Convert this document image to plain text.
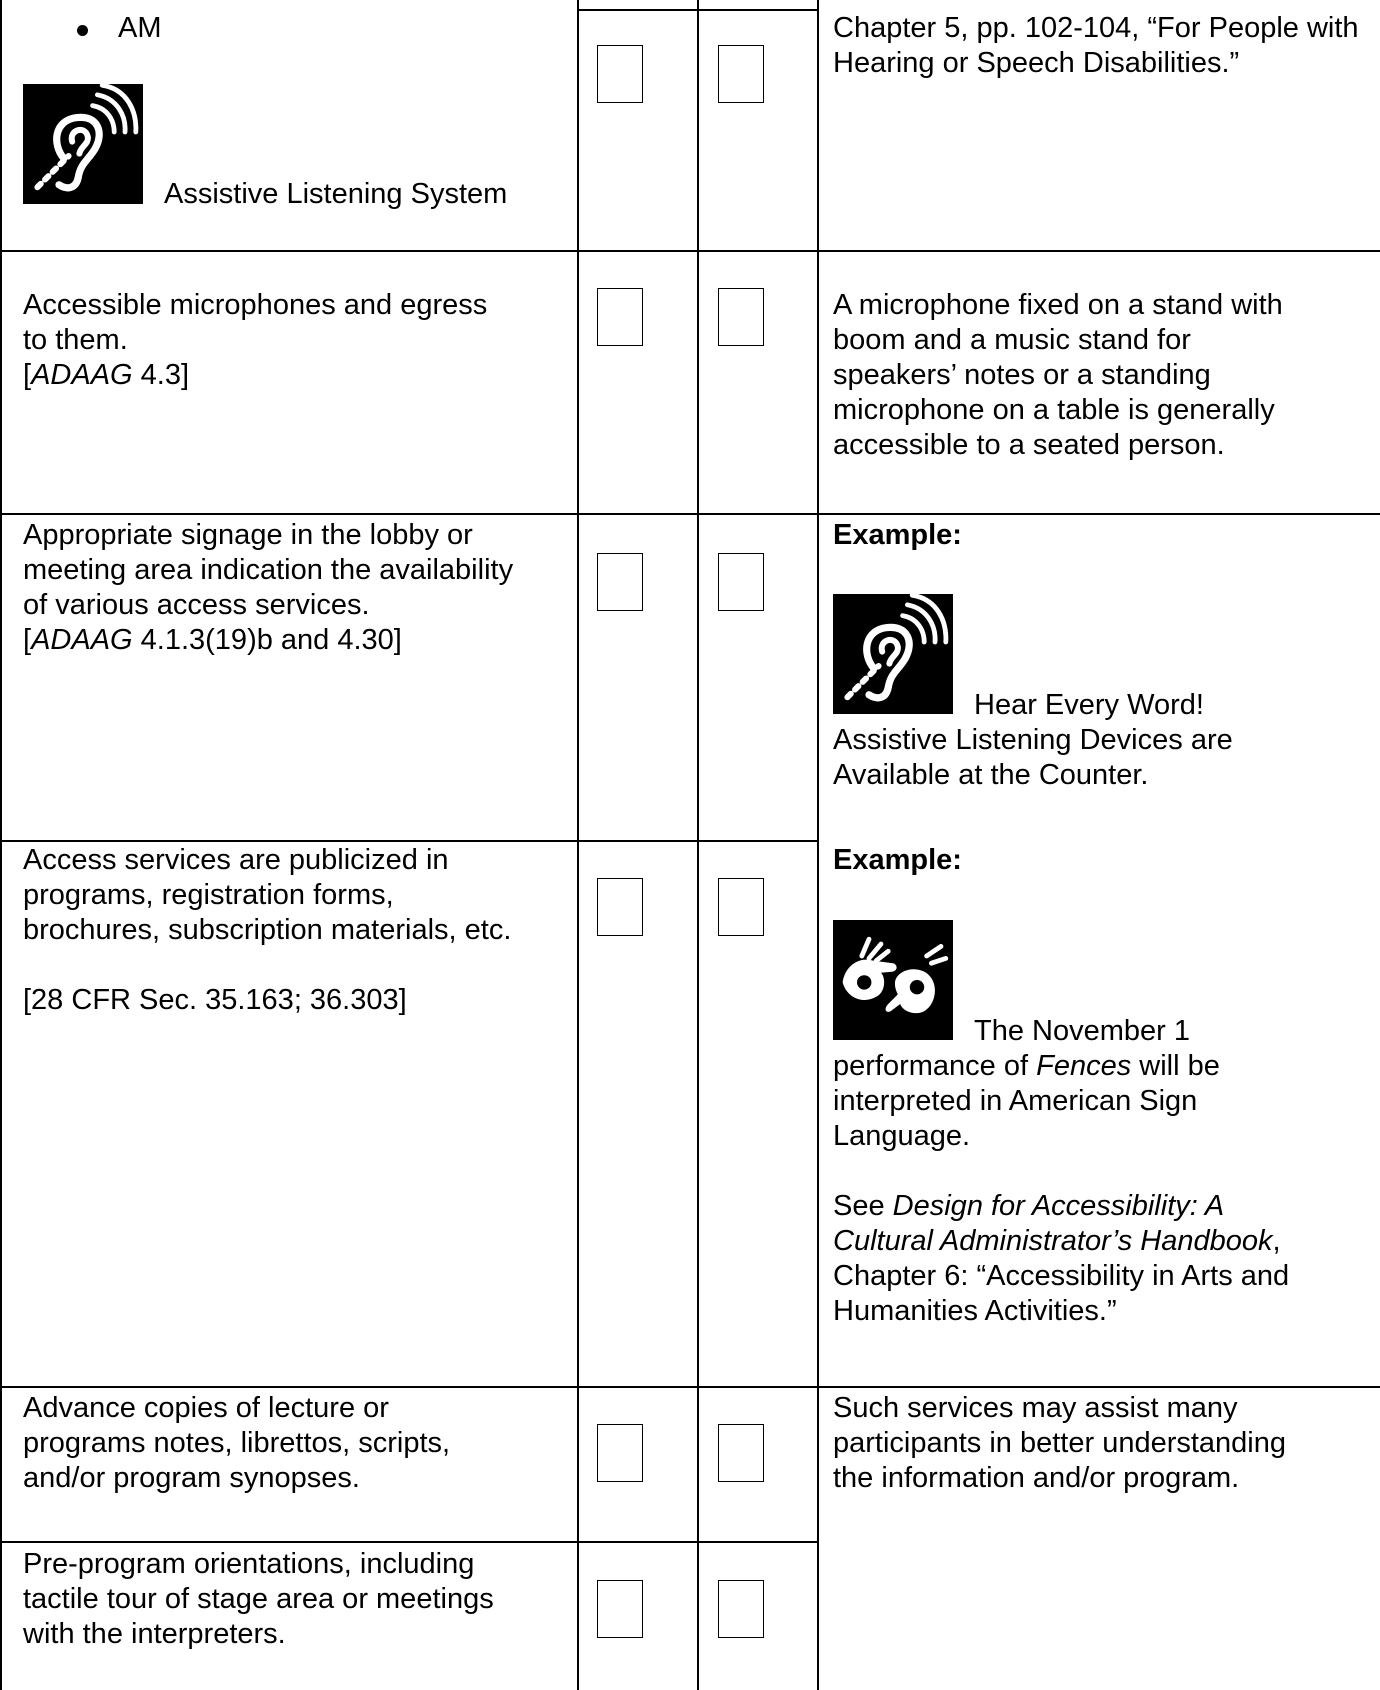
AM
Assistive Listening System
Chapter 5, pp. 102-104, “For People with Hearing or Speech Disabilities.”
Accessible microphones and egress
to them.
[ADAAG 4.3]
A microphone fixed on a stand with
boom and a music stand for
speakers’ notes or a standing
microphone on a table is generally
accessible to a seated person.
Appropriate signage in the lobby or
meeting area indication the availability
of various access services.
[ADAAG 4.1.3(19)b and 4.30]
Example:
Hear Every Word!
Assistive Listening Devices are
Available at the Counter.
Access services are publicized in
programs, registration forms,
brochures, subscription materials, etc.
[28 CFR Sec. 35.163; 36.303]
Example:
The November 1
performance of Fences will be
interpreted in American Sign
Language.
See Design for Accessibility: A
Cultural Administrator’s Handbook,
Chapter 6: “Accessibility in Arts and
Humanities Activities.”
Advance copies of lecture or
programs notes, librettos, scripts,
and/or program synopses.
Such services may assist many
participants in better understanding
the information and/or program.
Pre-program orientations, including
tactile tour of stage area or meetings
with the interpreters.
